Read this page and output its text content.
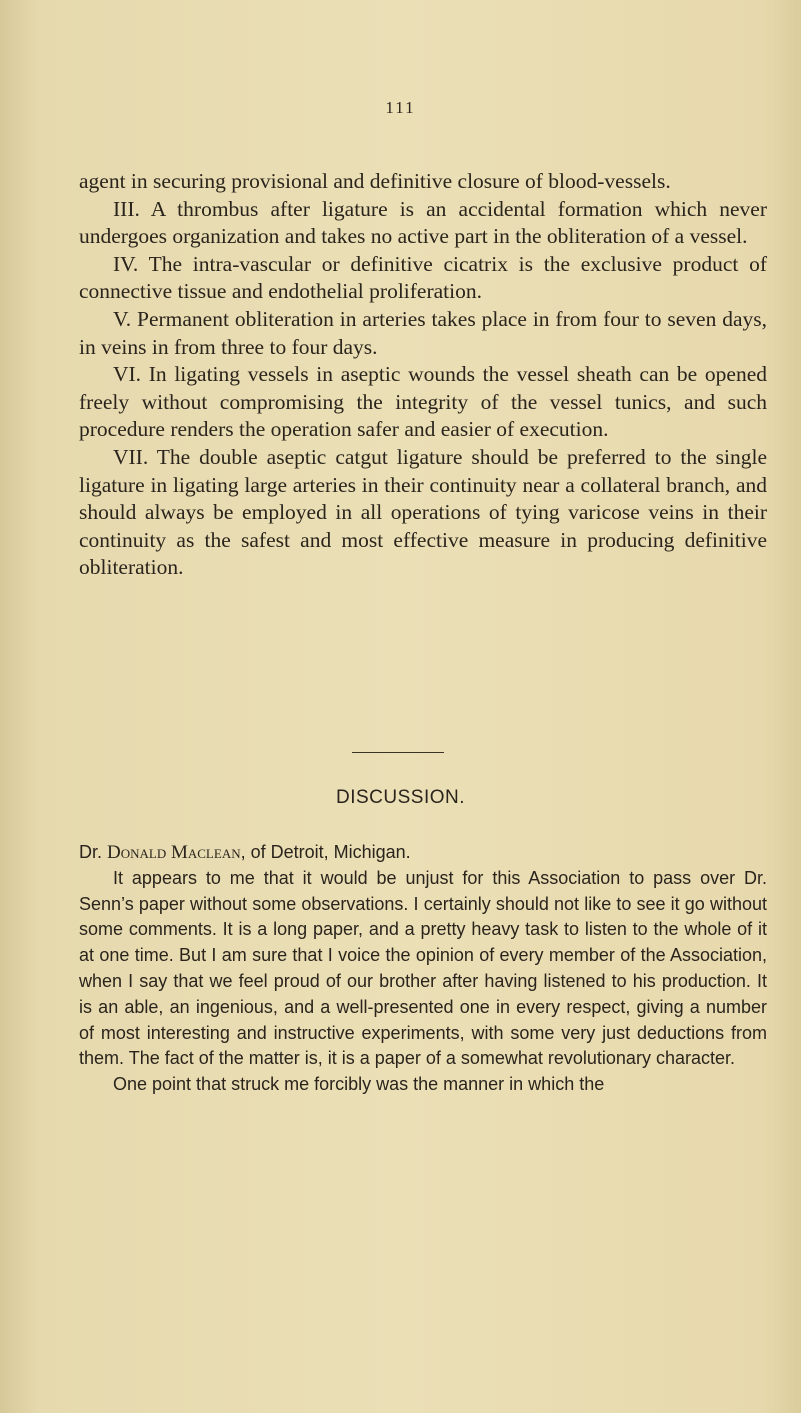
111

agent in securing provisional and definitive closure of blood-vessels.

III. A thrombus after ligature is an accidental formation which never undergoes organization and takes no active part in the obliteration of a vessel.

IV. The intra-vascular or definitive cicatrix is the exclusive product of connective tissue and endothelial proliferation.

V. Permanent obliteration in arteries takes place in from four to seven days, in veins in from three to four days.

VI. In ligating vessels in aseptic wounds the vessel sheath can be opened freely without compromising the integrity of the vessel tunics, and such procedure renders the operation safer and easier of execution.

VII. The double aseptic catgut ligature should be preferred to the single ligature in ligating large arteries in their continuity near a collateral branch, and should always be employed in all operations of tying varicose veins in their continuity as the safest and most effective measure in producing definitive obliteration.

DISCUSSION.

Dr. Donald Maclean, of Detroit, Michigan.

It appears to me that it would be unjust for this Association to pass over Dr. Senn’s paper without some observations. I certainly should not like to see it go without some comments. It is a long paper, and a pretty heavy task to listen to the whole of it at one time. But I am sure that I voice the opinion of every member of the Association, when I say that we feel proud of our brother after having listened to his production. It is an able, an ingenious, and a well-presented one in every respect, giving a number of most interesting and instructive experiments, with some very just deductions from them. The fact of the matter is, it is a paper of a somewhat revolutionary character.

One point that struck me forcibly was the manner in which the
